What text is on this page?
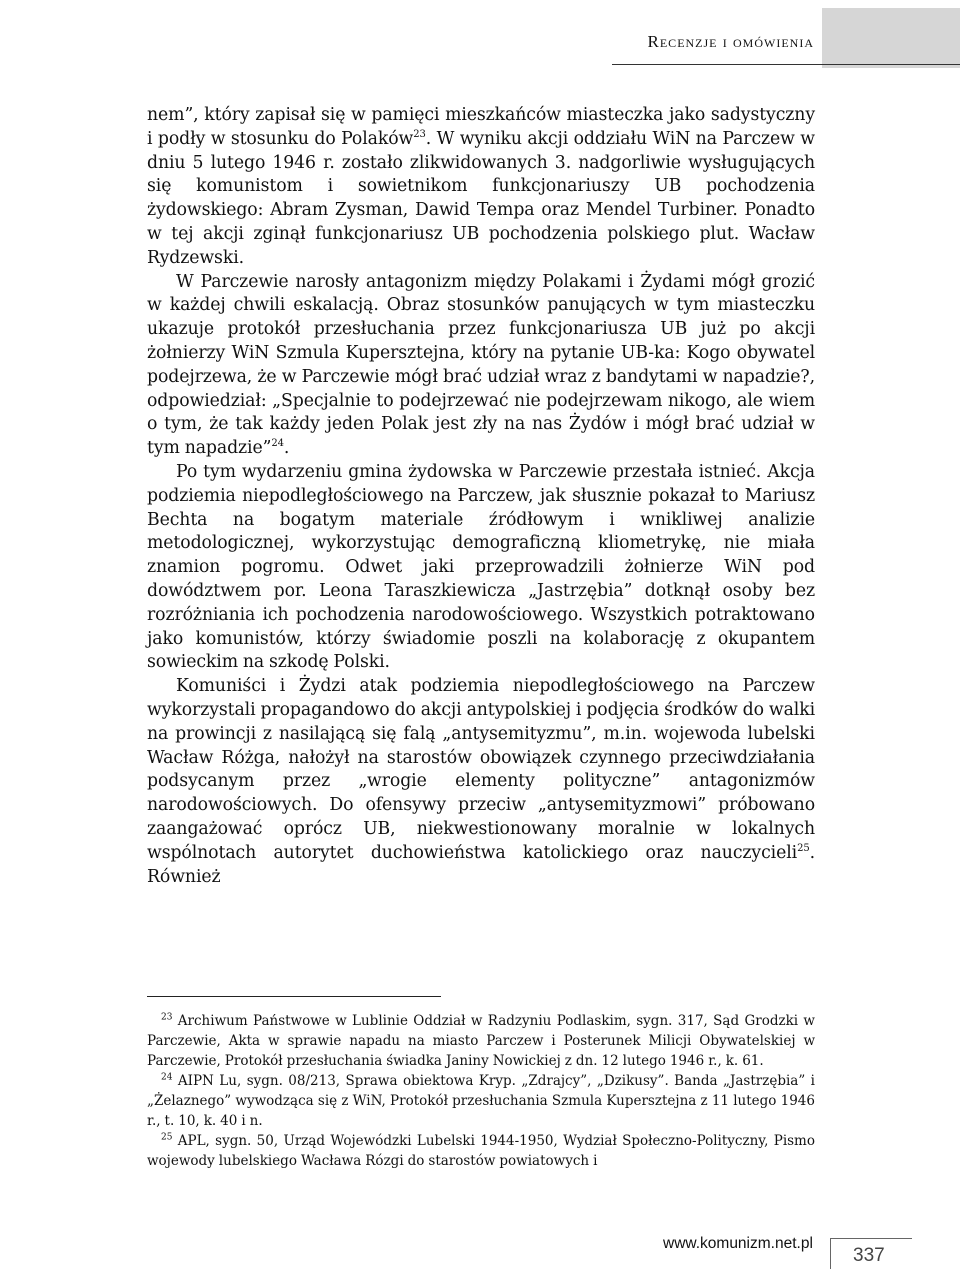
Recenzje i omówienia

nem”, który zapisał się w pamięci mieszkańców miasteczka jako sadystyczny i podły w stosunku do Polaków$^{23}$. W wyniku akcji oddziału WiN na Parczew w dniu 5 lutego 1946 r. zostało zlikwidowanych 3. nadgorliwie wysługujących się komunistom i sowietnikom funkcjonariuszy UB pochodzenia żydowskiego: Abram Zysman, Dawid Tempa oraz Mendel Turbiner. Ponadto w tej akcji zginął funkcjonariusz UB pochodzenia polskiego plut. Wacław Rydzewski.

W Parczewie narosły antagonizm między Polakami i Żydami mógł grozić w każdej chwili eskalacją. Obraz stosunków panujących w tym miasteczku ukazuje protokół przesłuchania przez funkcjonariusza UB już po akcji żołnierzy WiN Szmula Kupersztejna, który na pytanie UB-ka: Kogo obywatel podejrzewa, że w Parczewie mógł brać udział wraz z bandytami w napadzie?, odpowiedział: „Specjalnie to podejrzewać nie podejrzewam nikogo, ale wiem o tym, że tak każdy jeden Polak jest zły na nas Żydów i mógł brać udział w tym napadzie”$^{24}$.

Po tym wydarzeniu gmina żydowska w Parczewie przestała istnieć. Akcja podziemia niepodległościowego na Parczew, jak słusznie pokazał to Mariusz Bechta na bogatym materiale źródłowym i wnikliwej analizie metodologicznej, wykorzystując demograficzną kliometrykę, nie miała znamion pogromu. Odwet jaki przeprowadzili żołnierze WiN pod dowództwem por. Leona Taraszkiewicza „Jastrzębia” dotknął osoby bez rozróżniania ich pochodzenia narodowościowego. Wszystkich potraktowano jako komunistów, którzy świadomie poszli na kolaborację z okupantem sowieckim na szkodę Polski.

Komuniści i Żydzi atak podziemia niepodległościowego na Parczew wykorzystali propagandowo do akcji antypolskiej i podjęcia środków do walki na prowincji z nasilającą się falą „antysemityzmu”, m.in. wojewoda lubelski Wacław Różga, nałożył na starostów obowiązek czynnego przeciwdziałania podsycanym przez „wrogie elementy polityczne” antagonizmów narodowościowych. Do ofensywy przeciw „antysemityzmowi” próbowano zaangażować oprócz UB, niekwestionowany moralnie w lokalnych wspólnotach autorytet duchowieństwa katolickiego oraz nauczycieli$^{25}$. Również

$^{23}$ Archiwum Państwowe w Lublinie Oddział w Radzyniu Podlaskim, sygn. 317, Sąd Grodzki w Parczewie, Akta w sprawie napadu na miasto Parczew i Posterunek Milicji Obywatelskiej w Parczewie, Protokół przesłuchania świadka Janiny Nowickiej z dn. 12 lutego 1946 r., k. 61.

$^{24}$ AIPN Lu, sygn. 08/213, Sprawa obiektowa Kryp. „Zdrajcy”, „Dzikusy”. Banda „Jastrzębia” i „Żelaznego” wywodząca się z WiN, Protokół przesłuchania Szmula Kupersztejna z 11 lutego 1946 r., t. 10, k. 40 i n.

$^{25}$ APL, sygn. 50, Urząd Wojewódzki Lubelski 1944-1950, Wydział Społeczno-Polityczny, Pismo wojewody lubelskiego Wacława Rózgi do starostów powiatowych i

www.komunizm.net.pl
337
